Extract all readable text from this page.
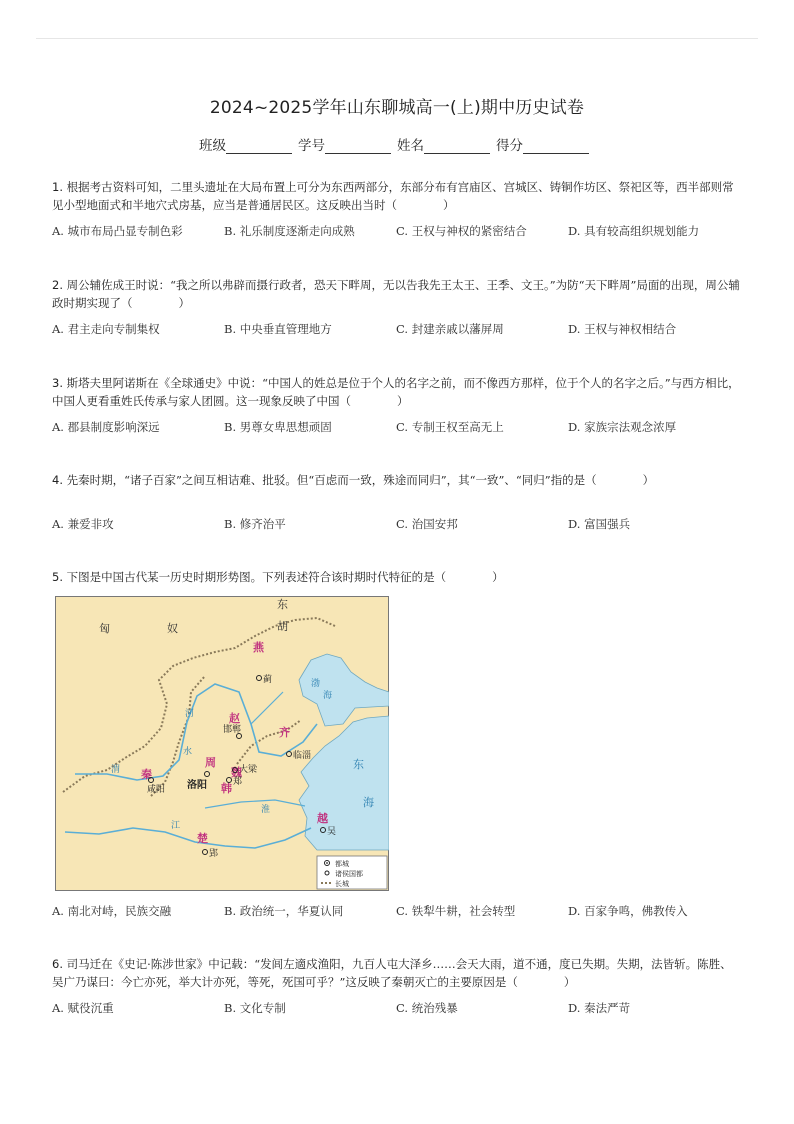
2024~2025学年山东聊城高一(上)期中历史试卷
班级	学号	姓名	得分
1. 根据考古资料可知，二里头遗址在大局布置上可分为东西两部分，东部分布有宫庙区、宫城区、铸铜作坊区、祭祀区等，西半部则常见小型地面式和半地穴式房基，应当是普通居民区。这反映出当时（　　　　）
A. 城市布局凸显专制色彩	B. 礼乐制度逐渐走向成熟	C. 王权与神权的紧密结合	D. 具有较高组织规划能力
2. 周公辅佐成王时说：“我之所以弗辟而摄行政者，恐天下畔周，无以告我先王太王、王季、文王。”为防“天下畔周”局面的出现，周公辅政时期实现了（　　　　）
A. 君主走向专制集权	B. 中央垂直管理地方	C. 封建亲戚以藩屏周	D. 王权与神权相结合
3. 斯塔夫里阿诺斯在《全球通史》中说：“中国人的姓总是位于个人的名字之前，而不像西方那样，位于个人的名字之后。”与西方相比，中国人更看重姓氏传承与家人团圆。这一现象反映了中国（　　　　）
A. 郡县制度影响深远	B. 男尊女卑思想顽固	C. 专制王权至高无上	D. 家族宗法观念浓厚
4. 先秦时期，“诸子百家”之间互相诘难、批驳。但“百虑而一致，殊途而同归”，其“一致”、“同归”指的是（　　　　）
A. 兼爱非攻	B. 修齐治平	C. 治国安邦	D. 富国强兵
5. 下图是中国古代某一历史时期形势图。下列表述符合该时期时代特征的是（　　　　）
匈	奴
东
胡
燕
赵
齐
秦
周
韩
魏
楚
越
蓟
邯郸
临淄
大梁
郑
咸阳 洛阳
郢
吴
河
水
渭
江
淮
渤
海
东
海
都城
诸侯国都
长城
A. 南北对峙，民族交融	B. 政治统一，华夏认同	C. 铁犁牛耕，社会转型	D. 百家争鸣，佛教传入
6. 司马迁在《史记·陈涉世家》中记载：“发闾左適戍渔阳，九百人屯大泽乡……会天大雨，道不通，度已失期。失期，法皆斩。陈胜、吴广乃谋曰：今亡亦死，举大计亦死，等死，死国可乎？”这反映了秦朝灭亡的主要原因是（　　　　）
A. 赋役沉重	B. 文化专制	C. 统治残暴	D. 秦法严苛
